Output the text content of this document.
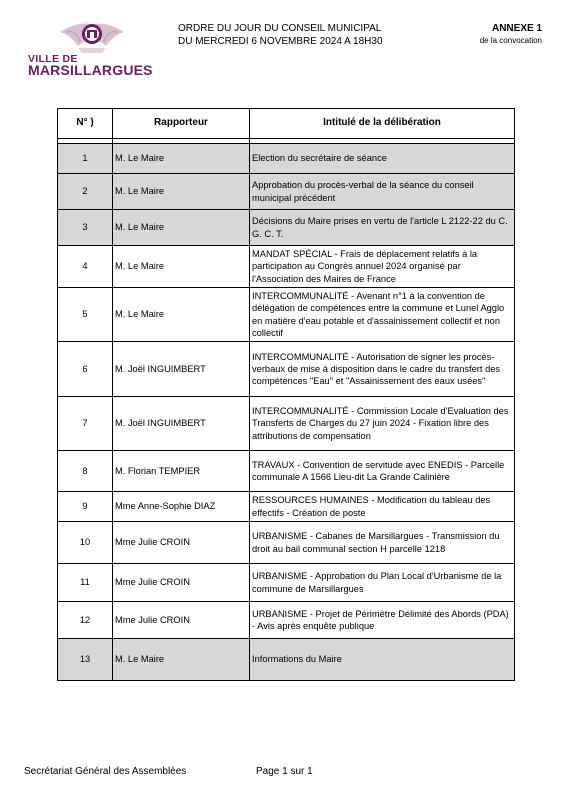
VILLE DE
MARSILLARGUES
ORDRE DU JOUR DU CONSEIL MUNICIPAL
DU MERCREDI 6 NOVEMBRE 2024 A 18H30
ANNEXE 1
de la convocation
N° )	Rapporteur	Intitulé de la délibération

1	M. Le Maire	Election du secrétaire de séance
2	M. Le Maire	Approbation du procès-verbal de la séance du conseil municipal précédent
3	M. Le Maire	Décisions du Maire prises en vertu de l'article L 2122-22 du C. G. C. T.
4	M. Le Maire	MANDAT SPÉCIAL - Frais de déplacement relatifs à la participation au Congrès annuel 2024 organisé par l'Association des Maires de France
5	M. Le Maire	INTERCOMMUNALITÉ - Avenant n°1 à la convention de délégation de compétences entre la commune et Lunel Agglo en matière d'eau potable et d'assainissement collectif et non collectif
6	M. Joël INGUIMBERT	INTERCOMMUNALITÉ - Autorisation de signer les procès-verbaux de mise à disposition dans le cadre du transfert des compétences "Eau" et "Assainissement des eaux usées"
7	M. Joël INGUIMBERT	INTERCOMMUNALITÉ - Commission Locale d'Evaluation des Transferts de Charges du 27 juin 2024 - Fixation libre des attributions de compensation
8	M. Florian TEMPIER	TRAVAUX - Convention de servitude avec ENEDIS - Parcelle communale A 1566 Lieu-dit La Grande Calinière
9	Mme Anne-Sophie DIAZ	RESSOURCES HUMAINES - Modification du tableau des effectifs - Création de poste
10	Mme Julie CROIN	URBANISME - Cabanes de Marsillargues - Transmission du droit au bail communal section H parcelle 1218
11	Mme Julie CROIN	URBANISME - Approbation du Plan Local d'Urbanisme de la commune de Marsillargues
12	Mme Julie CROIN	URBANISME - Projet de Périmètre Délimité des Abords (PDA) - Avis après enquête publique
13	M. Le Maire	Informations du Maire
Secrétariat Général des Assemblées	Page 1 sur 1
